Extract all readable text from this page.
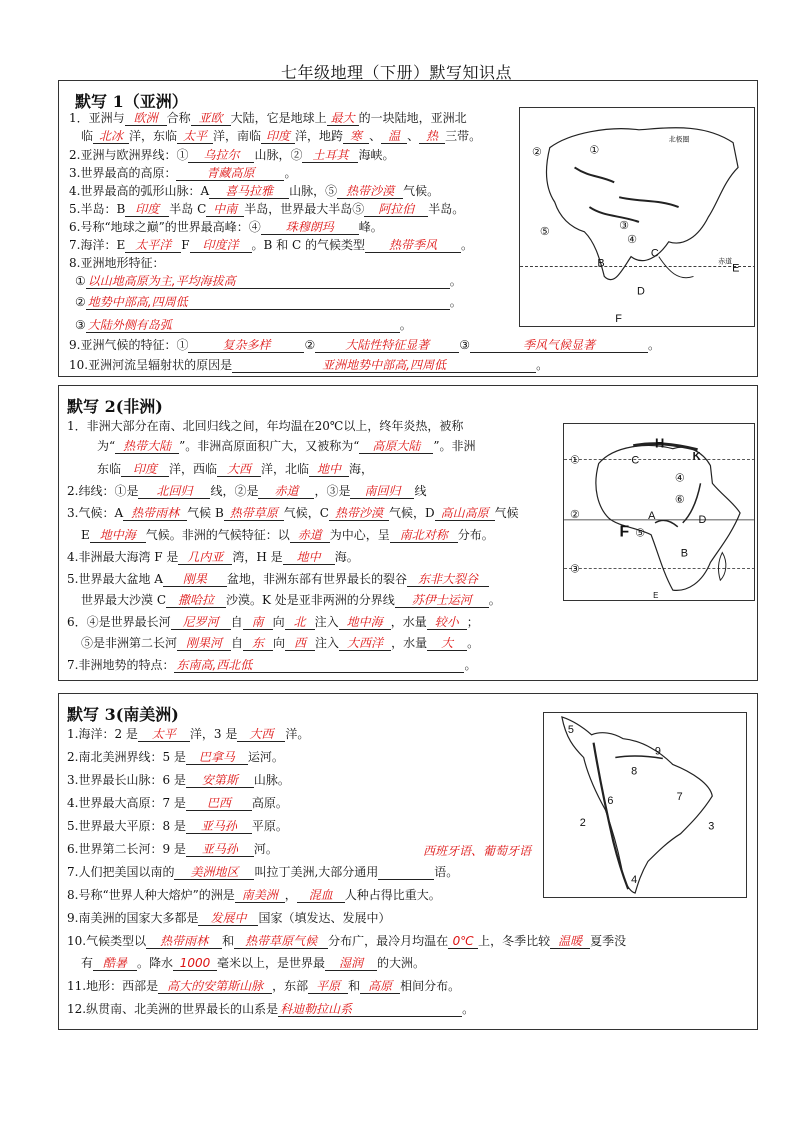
七年级地理（下册）默写知识点
默写 1（亚洲）
1．亚洲与 欧洲 合称 亚欧 大陆，它是地球上 最大 的一块陆地，亚洲北
临 北冰 洋，东临 太平 洋，南临 印度 洋，地跨 寒 、 温 、 热 三带。
2.亚洲与欧洲界线：① 乌拉尔 山脉，② 土耳其 海峡。
3.世界最高的高原： 青藏高原	。
4.世界最高的弧形山脉：A 喜马拉雅 山脉，⑤ 热带沙漠 气候。
5.半岛：B 印度 半岛 C 中南 半岛，世界最大半岛⑤ 阿拉伯 半岛。
6.号称“地球之巅”的世界最高峰：④ 珠穆朗玛 峰。
7.海洋：E 太平洋 F 印度洋 。B 和 C 的气候类型 热带季风 。
8.亚洲地形特征：
① 以山地高原为主,平均海拔高	。
② 地势中部高,四周低	。
③ 大陆外侧有岛弧	。
9.亚洲气候的特征：①	复杂多样	② 大陆性特征显著	③	季风气候显著	。
10.亚洲河流呈辐射状的原因是	亚洲地势中部高,四周低	。
②	①
③
④
⑤
B
C
D
E
F
北极圈
赤道
默写 2(非洲)
1．非洲大部分在南、北回归线之间，年均温在20℃以上，终年炎热，被称
为“ 热带大陆 ”。非洲高原面积广大，又被称为“ 高原大陆 ”。非洲
东临 印度 洋，西临 大西 洋，北临 地中 海，
2.纬线：①是 北回归 线，②是 赤道 ，③是 南回归 线
3.气候：A 热带雨林 气候 B 热带草原 气候，C 热带沙漠 气候，D 高山高原 气候
E 地中海 气候。非洲的气候特征：以 赤道 为中心，呈 南北对称 分布。
4.非洲最大海湾 F 是 几内亚 湾，H 是 地中 海。
5.世界最大盆地 A 刚果 盆地，非洲东部有世界最长的裂谷 东非大裂谷
世界最大沙漠 C 撒哈拉 沙漠。K 处是亚非两洲的分界线 苏伊士运河 。
6．④是世界最长河 尼罗河 自 南 向 北 注入 地中海 ，水量 较小 ；
⑤是非洲第二长河 刚果河 自 东 向 西 注入 大西洋 ，水量 大 。
7.非洲地势的特点： 东南高,西北低	。
①
②
③
④
⑤
⑥
A
B
C
D
E
F
H
K
默写 3(南美洲)
1.海洋：2 是 太平 洋，3 是 大西 洋。
2.南北美洲界线：5 是 巴拿马 运河。
3.世界最长山脉：6 是 安第斯 山脉。
4.世界最大高原：7 是 巴西 高原。
5.世界最大平原：8 是 亚马孙 平原。
6.世界第二长河：9 是 亚马孙 河。	西班牙语、葡萄牙语
7.人们把美国以南的 美洲地区 叫拉丁美洲,大部分通用	语。
8.号称“世界人种大熔炉”的洲是 南美洲 ， 混血 人种占得比重大。
9.南美洲的国家大多都是 发展中 国家（填发达、发展中）
10.气候类型以 热带雨林 和 热带草原气候 分布广，最冷月均温在 0℃ 上，冬季比较 温暖 夏季没
有 酷暑 。降水 1000 毫米以上，是世界最 湿润 的大洲。
11.地形：西部是 高大的安第斯山脉 ，东部 平原 和 高原 相间分布。
12.纵贯南、北美洲的世界最长的山系是 科迪勒拉山系	。
5
8
9
6	7
2	3
4
